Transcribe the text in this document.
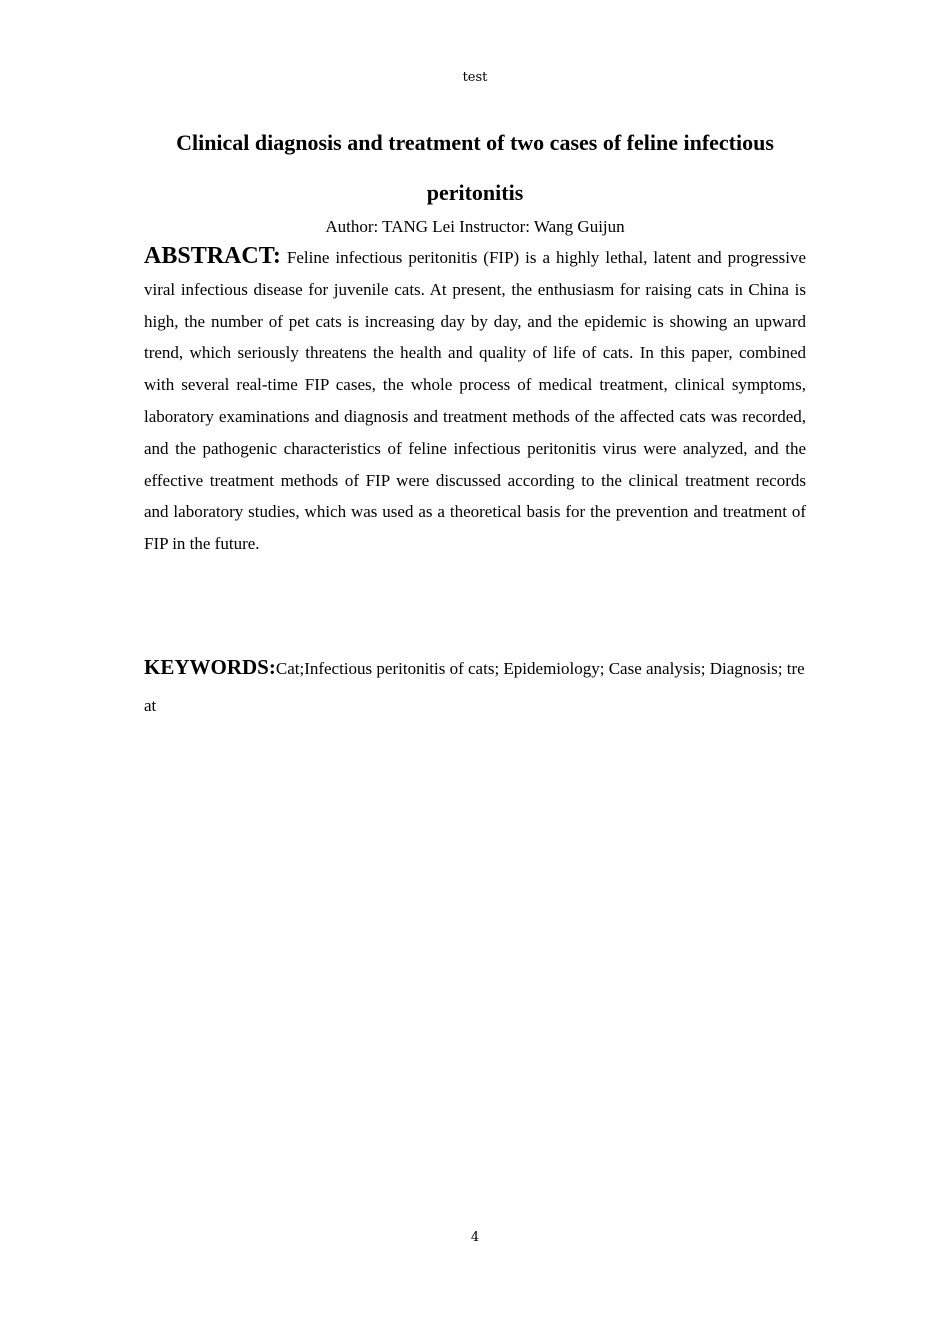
test
Clinical diagnosis and treatment of two cases of feline infectious peritonitis
Author: TANG Lei Instructor: Wang Guijun

ABSTRACT: Feline infectious peritonitis (FIP) is a highly lethal, latent and progressive viral infectious disease for juvenile cats. At present, the enthusiasm for raising cats in China is high, the number of pet cats is increasing day by day, and the epidemic is showing an upward trend, which seriously threatens the health and quality of life of cats. In this paper, combined with several real-time FIP cases, the whole process of medical treatment, clinical symptoms, laboratory examinations and diagnosis and treatment methods of the affected cats was recorded, and the pathogenic characteristics of feline infectious peritonitis virus were analyzed, and the effective treatment methods of FIP were discussed according to the clinical treatment records and laboratory studies, which was used as a theoretical basis for the prevention and treatment of FIP in the future.

KEYWORDS:Cat;Infectious peritonitis of cats; Epidemiology; Case analysis; Diagnosis; treat

4
